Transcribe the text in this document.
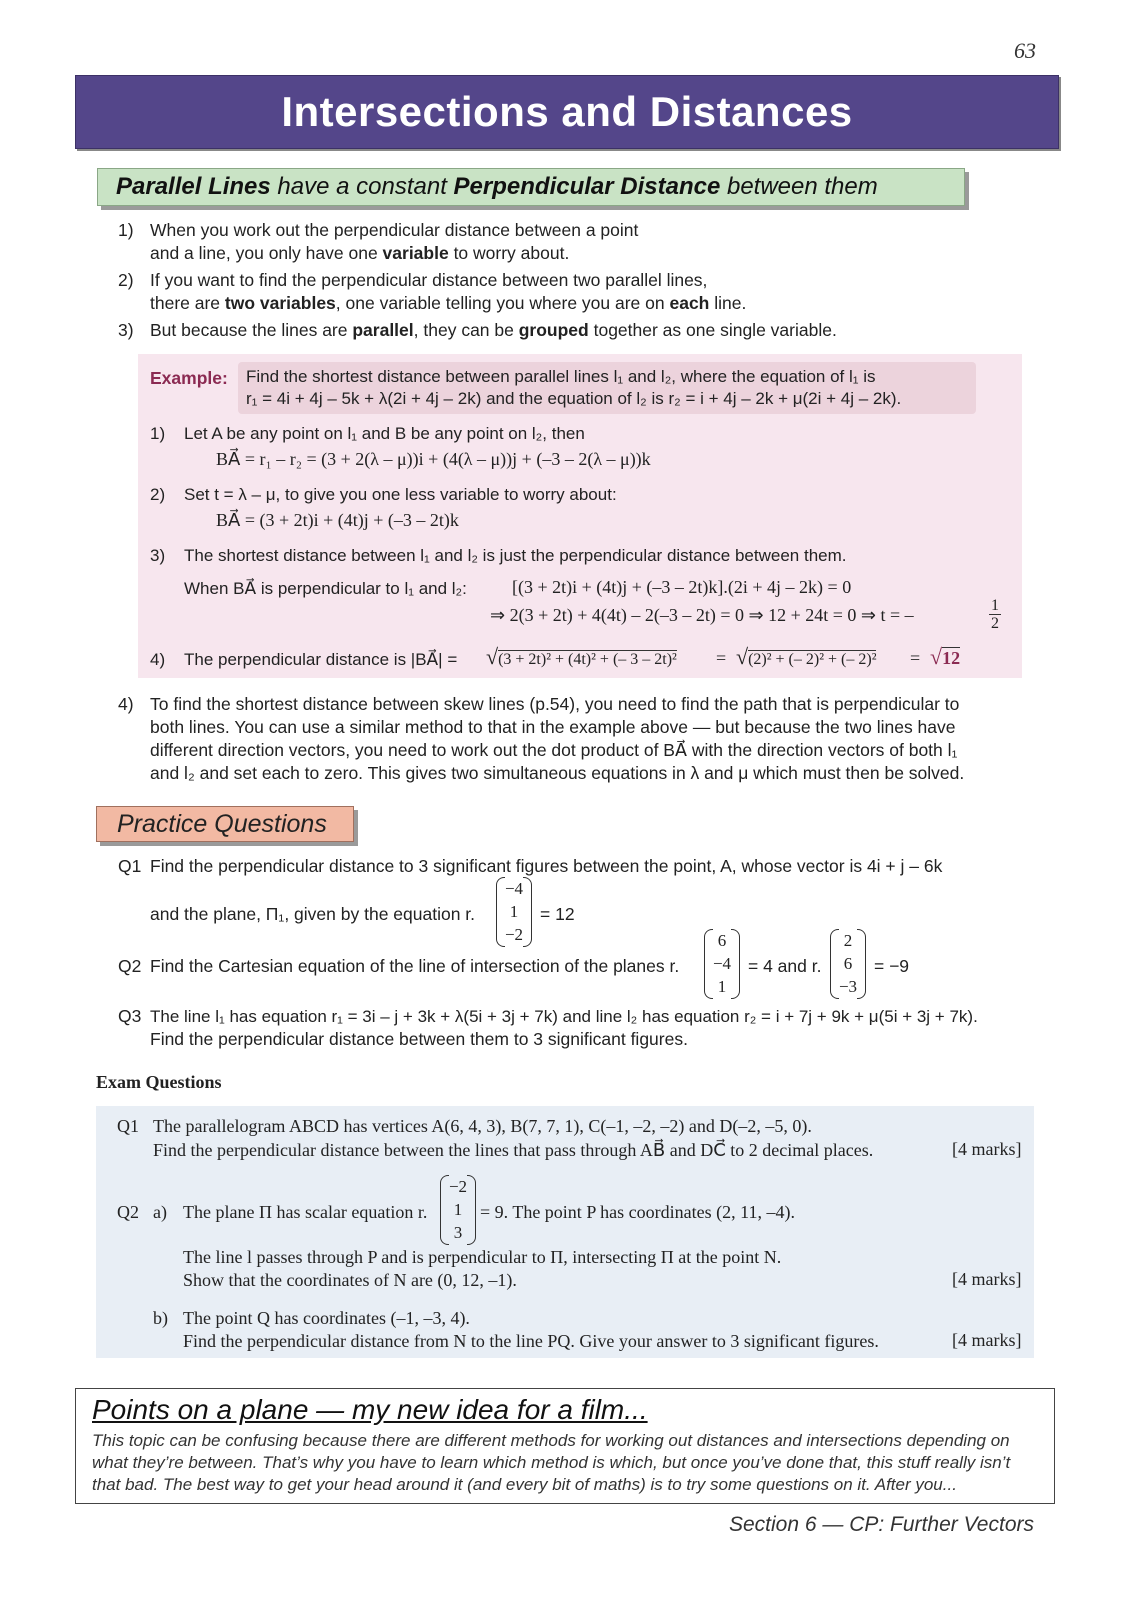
63
Intersections and Distances
Parallel Lines have a constant Perpendicular Distance between them
1) When you work out the perpendicular distance between a point
and a line, you only have one variable to worry about.
2) If you want to find the perpendicular distance between two parallel lines,
there are two variables, one variable telling you where you are on each line.
3) But because the lines are parallel, they can be grouped together as one single variable.
Example: Find the shortest distance between parallel lines l₁ and l₂, where the equation of l₁ is
r₁ = 4i + 4j – 5k + λ(2i + 4j – 2k) and the equation of l₂ is r₂ = i + 4j – 2k + μ(2i + 4j – 2k).
1) Let A be any point on l₁ and B be any point on l₂, then
BA⃗ = r₁ – r₂ = (3 + 2(λ – μ))i + (4(λ – μ))j + (–3 – 2(λ – μ))k
2) Set t = λ – μ, to give you one less variable to worry about:
BA⃗ = (3 + 2t)i + (4t)j + (–3 – 2t)k
3) The shortest distance between l₁ and l₂ is just the perpendicular distance between them.
When BA⃗ is perpendicular to l₁ and l₂:	[(3 + 2t)i + (4t)j + (–3 – 2t)k].(2i + 4j – 2k) = 0
⇒ 2(3 + 2t) + 4(4t) – 2(–3 – 2t) = 0 ⇒ 12 + 24t = 0 ⇒ t = –	$\frac{1}{2}$
4) The perpendicular distance is |BA⃗| = √(3 + 2t)² + (4t)² + (– 3 – 2t)² = √(2)² + (– 2)² + (– 2)² = √12
4) To find the shortest distance between skew lines (p.54), you need to find the path that is perpendicular to
both lines. You can use a similar method to that in the example above — but because the two lines have
different direction vectors, you need to work out the dot product of BA⃗ with the direction vectors of both l₁
and l₂ and set each to zero. This gives two simultaneous equations in λ and μ which must then be solved.
Practice Questions
Q1 Find the perpendicular distance to 3 significant figures between the point, A, whose vector is 4i + j – 6k
and the plane, Π₁, given by the equation r.
−4
1
−2
= 12
Q2 Find the Cartesian equation of the line of intersection of the planes r.
6
−4
1
= 4 and r.
2
6
−3
= −9
Q3 The line l₁ has equation r₁ = 3i – j + 3k + λ(5i + 3j + 7k) and line l₂ has equation r₂ = i + 7j + 9k + μ(5i + 3j + 7k).
Find the perpendicular distance between them to 3 significant figures.
Exam Questions
Q1 The parallelogram ABCD has vertices A(6, 4, 3), B(7, 7, 1), C(–1, –2, –2) and D(–2, –5, 0).
Find the perpendicular distance between the lines that pass through AB⃗ and DC⃗ to 2 decimal places.	[4 marks]
Q2 a) The plane Π has scalar equation r.
−2
1
3
= 9. The point P has coordinates (2, 11, –4).
The line l passes through P and is perpendicular to Π, intersecting Π at the point N.
Show that the coordinates of N are (0, 12, –1).	[4 marks]
b) The point Q has coordinates (–1, –3, 4).
Find the perpendicular distance from N to the line PQ. Give your answer to 3 significant figures.	[4 marks]
Points on a plane — my new idea for a film...
This topic can be confusing because there are different methods for working out distances and intersections depending on what they’re between. That’s why you have to learn which method is which, but once you’ve done that, this stuff really isn’t that bad. The best way to get your head around it (and every bit of maths) is to try some questions on it. After you...
Section 6 — CP: Further Vectors
